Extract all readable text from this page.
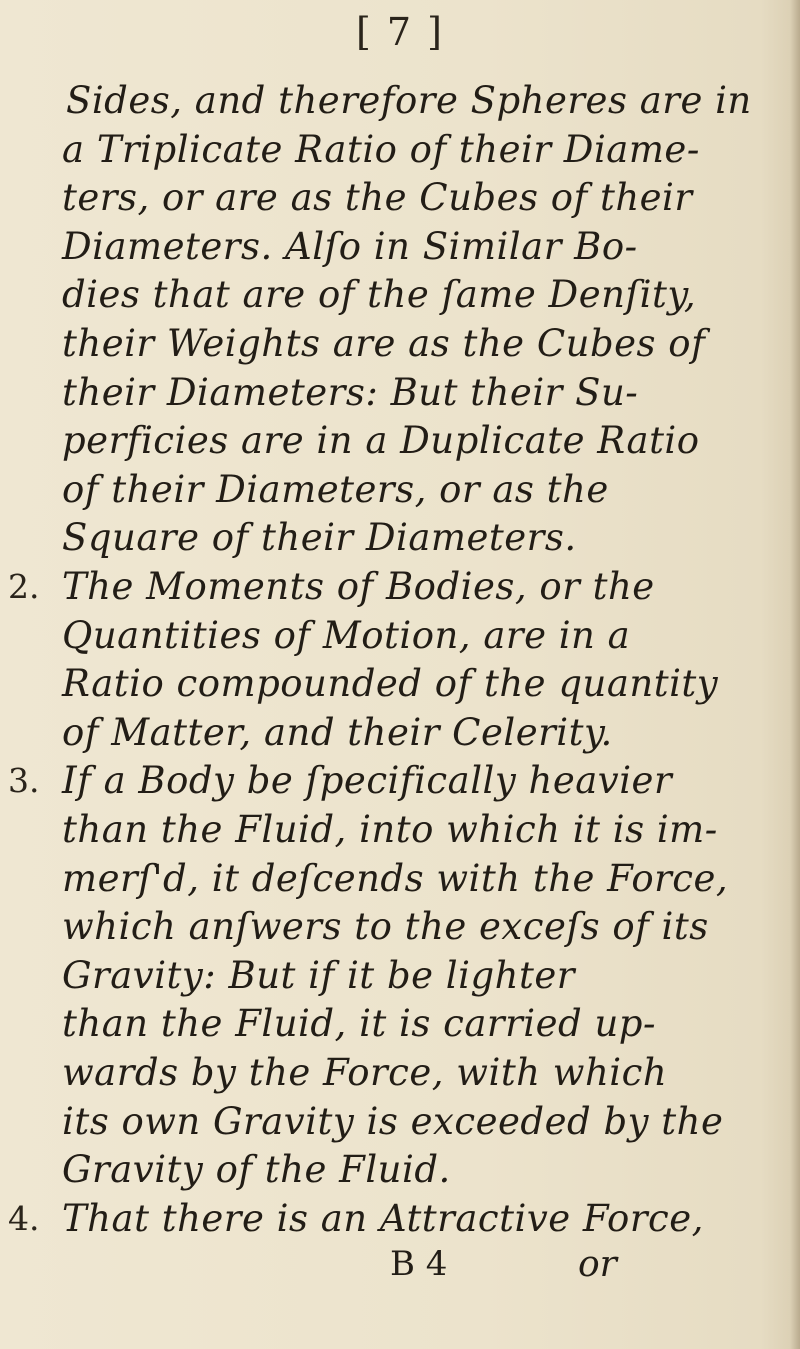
[ 7 ]
Sides, and therefore Spheres are in
a Triplicate Ratio of their Diame-
ters, or are as the Cubes of their
Diameters. Alſo in Similar Bo-
dies that are of the ſame Denſity,
their Weights are as the Cubes of
their Diameters: But their Su-
perficies are in a Duplicate Ratio
of their Diameters, or as the
Square of their Diameters.
2. The Moments of Bodies, or the
Quantities of Motion, are in a
Ratio compounded of the quantity
of Matter, and their Celerity.
3. If a Body be ſpecifically heavier
than the Fluid, into which it is im-
merſ'd, it deſcends with the Force,
which anſwers to the exceſs of its
Gravity: But if it be lighter
than the Fluid, it is carried up-
wards by the Force, with which
its own Gravity is exceeded by the
Gravity of the Fluid.
4. That there is an Attractive Force,
B 4	or
